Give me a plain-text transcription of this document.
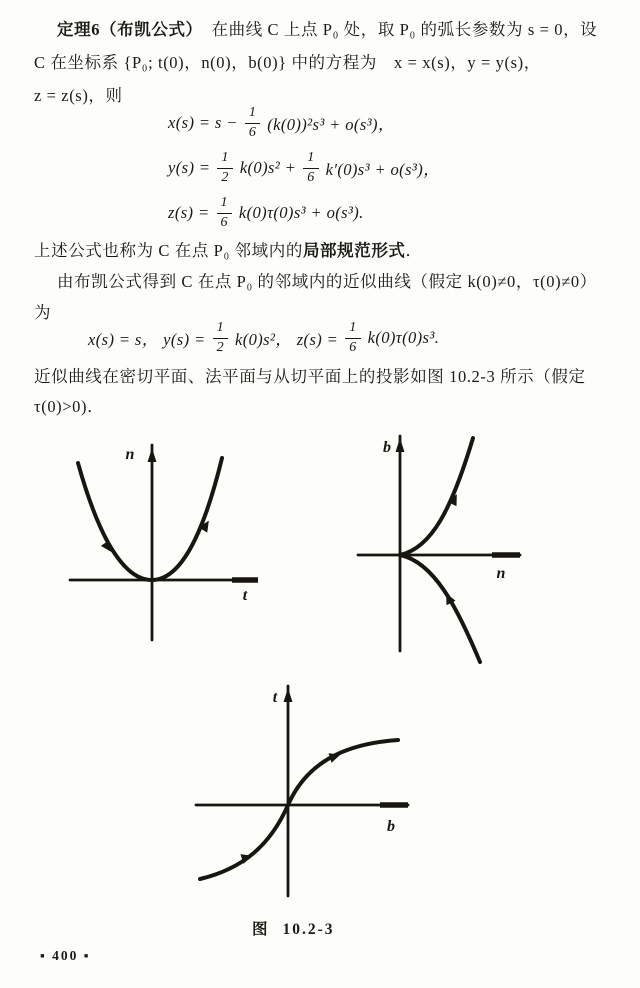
定理6（布凯公式）　在曲线 C 上点 P₀ 处，取 P₀ 的弧长参数为 s = 0，设
C 在坐标系 {P₀; t(0)，n(0)，b(0)} 中的方程为　x = x(s)，y = y(s)，
z = z(s)，则
$x(s) = s - \frac{1}{6} (k(0))^2s^3 + o(s^3)$，
$y(s) = \frac{1}{2} k(0)s^2 + \frac{1}{6} k'(0)s^3 + o(s^3)$，
$z(s) = \frac{1}{6} k(0)\tau(0)s^3 + o(s^3)$.
上述公式也称为 C 在点 P₀ 邻域内的局部规范形式．
由布凯公式得到 C 在点 P₀ 的邻域内的近似曲线（假定 k(0)≠0，τ(0)≠0）
为
x(s) = s， $y(s) = \frac{1}{2} k(0)s^2$， $z(s) = \frac{1}{6} k(0)\tau(0)s^3$.
近似曲线在密切平面、法平面与从切平面上的投影如图 10.2-3 所示（假定
τ(0)>0)．
n
t
b
n
t
b
图 10.2-3
▪ 400 ▪
